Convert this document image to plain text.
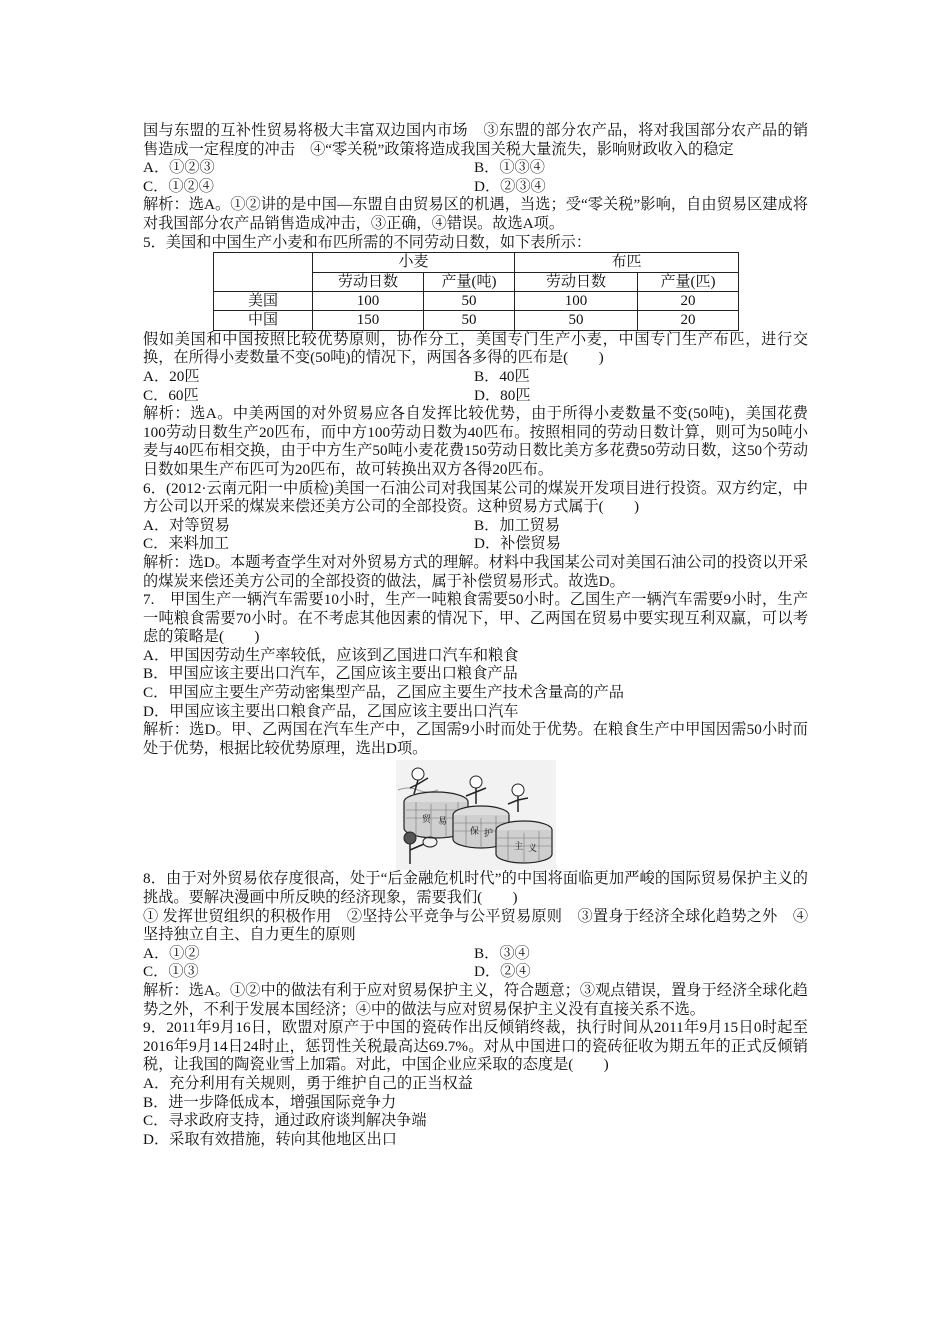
国与东盟的互补性贸易将极大丰富双边国内市场　③东盟的部分农产品，将对我国部分农产品的销售造成一定程度的冲击　④“零关税”政策将造成我国关税大量流失，影响财政收入的稳定

A．①②③	B．①③④
C．①②④	D．②③④

解析：选A。①②讲的是中国—东盟自由贸易区的机遇，当选；受“零关税”影响，自由贸易区建成将对我国部分农产品销售造成冲击，③正确，④错误。故选A项。

5．美国和中国生产小麦和布匹所需的不同劳动日数，如下表所示：

	小麦		布匹	
	劳动日数	产量(吨)	劳动日数	产量(匹)
美国	100	50	100	20
中国	150	50	50	20

假如美国和中国按照比较优势原则，协作分工，美国专门生产小麦，中国专门生产布匹，进行交换，在所得小麦数量不变(50吨)的情况下，两国各多得的匹布是(　　)

A．20匹	B．40匹
C．60匹	D．80匹

解析：选A。中美两国的对外贸易应各自发挥比较优势，由于所得小麦数量不变(50吨)，美国花费100劳动日数生产20匹布，而中方100劳动日数为40匹布。按照相同的劳动日数计算，则可为50吨小麦与40匹布相交换，由于中方生产50吨小麦花费150劳动日数比美方多花费50劳动日数，这50个劳动日数如果生产布匹可为20匹布，故可转换出双方各得20匹布。

6．(2012·云南元阳一中质检)美国一石油公司对我国某公司的煤炭开发项目进行投资。双方约定，中方公司以开采的煤炭来偿还美方公司的全部投资。这种贸易方式属于(　　)

A．对等贸易	B．加工贸易
C．来料加工	D．补偿贸易

解析：选D。本题考查学生对对外贸易方式的理解。材料中我国某公司对美国石油公司的投资以开采的煤炭来偿还美方公司的全部投资的做法，属于补偿贸易形式。故选D。

7.　甲国生产一辆汽车需要10小时，生产一吨粮食需要50小时。乙国生产一辆汽车需要9小时，生产一吨粮食需要70小时。在不考虑其他因素的情况下，甲、乙两国在贸易中要实现互利双赢，可以考虑的策略是(　　)

A．甲国因劳动生产率较低，应该到乙国进口汽车和粮食

B．甲国应该主要出口汽车，乙国应该主要出口粮食产品

C．甲国应主要生产劳动密集型产品，乙国应主要生产技术含量高的产品

D．甲国应该主要出口粮食产品，乙国应该主要出口汽车

解析：选D。甲、乙两国在汽车生产中，乙国需9小时而处于优势。在粮食生产中甲国因需50小时而处于优势，根据比较优势原理，选出D项。

贸 易
保 护
主 义

8．由于对外贸易依存度很高，处于“后金融危机时代”的中国将面临更加严峻的国际贸易保护主义的挑战。要解决漫画中所反映的经济现象，需要我们(　　)

① 发挥世贸组织的积极作用　②坚持公平竞争与公平贸易原则　③置身于经济全球化趋势之外　④坚持独立自主、自力更生的原则

A．①②	B．③④
C．①③	D．②④

解析：选A。①②中的做法有利于应对贸易保护主义，符合题意；③观点错误，置身于经济全球化趋势之外，不利于发展本国经济；④中的做法与应对贸易保护主义没有直接关系不选。

9．2011年9月16日，欧盟对原产于中国的瓷砖作出反倾销终裁，执行时间从2011年9月15日0时起至2016年9月14日24时止，惩罚性关税最高达69.7%。对从中国进口的瓷砖征收为期五年的正式反倾销税，让我国的陶瓷业雪上加霜。对此，中国企业应采取的态度是(　　)

A．充分利用有关规则，勇于维护自己的正当权益

B．进一步降低成本，增强国际竞争力

C．寻求政府支持，通过政府谈判解决争端

D．采取有效措施，转向其他地区出口
